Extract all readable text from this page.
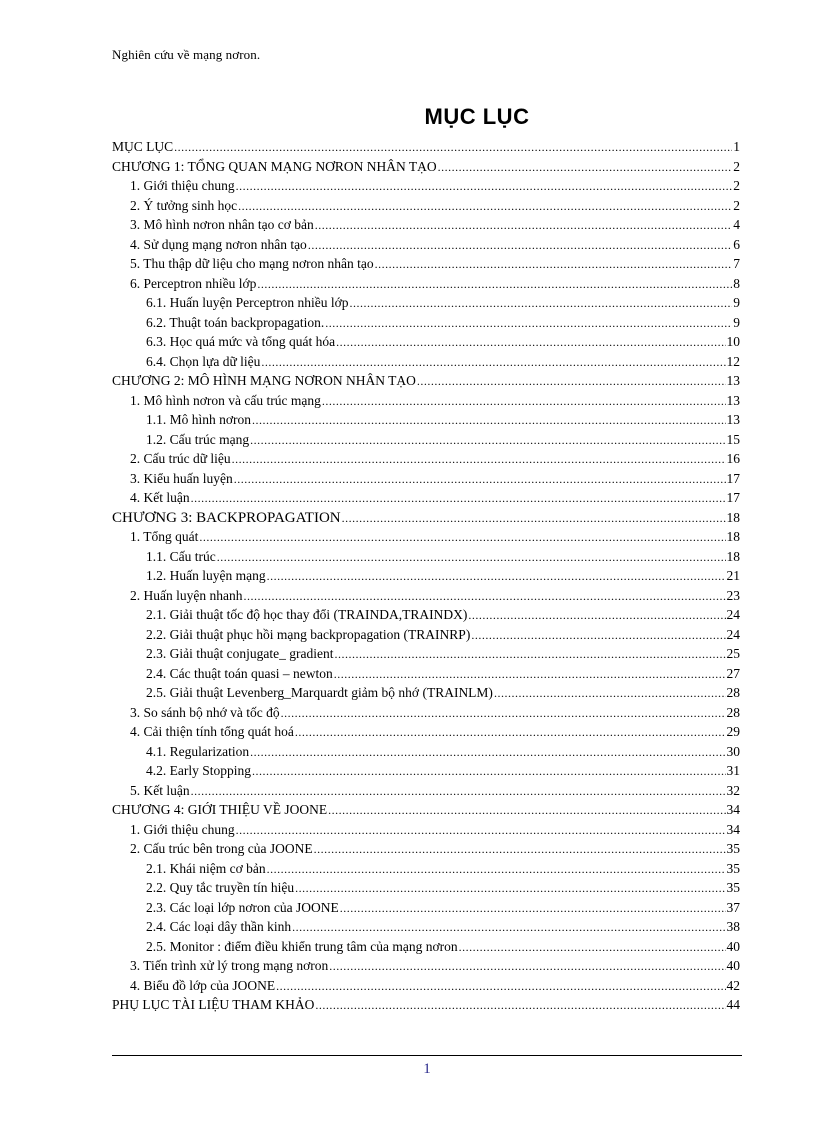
Nghiên cứu về mạng nơron.
MỤC LỤC
MỤC LỤC .....	1
CHƯƠNG 1: TỔNG QUAN MẠNG NƠRON NHÂN TẠO .....	2
1. Giới thiệu chung .....	2
2. Ý tưởng sinh học .....	2
3. Mô hình nơron nhân tạo cơ bản .....	4
4. Sử dụng mạng nơron nhân tạo .....	6
5. Thu thập dữ liệu cho mạng nơron nhân tạo .....	7
6. Perceptron nhiều lớp .....	8
6.1. Huấn luyện Perceptron nhiều lớp .....	9
6.2. Thuật toán backpropagation. .....	9
6.3. Học quá mức và tổng quát hóa .....	10
6.4. Chọn lựa dữ liệu .....	12
CHƯƠNG 2: MÔ HÌNH MẠNG NƠRON NHÂN TẠO .....	13
1. Mô hình nơron và cấu trúc mạng .....	13
1.1. Mô hình nơron .....	13
1.2. Cấu trúc mạng .....	15
2. Cấu trúc dữ liệu .....	16
3. Kiểu huấn luyện .....	17
4. Kết luận .....	17
CHƯƠNG 3: BACKPROPAGATION .....	18
1. Tổng quát .....	18
1.1. Cấu trúc .....	18
1.2. Huấn luyện mạng .....	21
2. Huấn luyện nhanh .....	23
2.1. Giải thuật tốc độ học thay đổi (TRAINDA,TRAINDX) .....	24
2.2. Giải thuật phục hồi mạng backpropagation (TRAINRP) .....	24
2.3. Giải thuật conjugate_ gradient .....	25
2.4. Các thuật toán quasi – newton .....	27
2.5. Giải thuật Levenberg_Marquardt giảm bộ nhớ (TRAINLM) .....	28
3. So sánh bộ nhớ và tốc độ .....	28
4. Cải thiện tính tổng quát hoá .....	29
4.1. Regularization .....	30
4.2. Early Stopping .....	31
5. Kết luận .....	32
CHƯƠNG 4: GIỚI THIỆU VỀ JOONE .....	34
1. Giới thiệu chung .....	34
2. Cấu trúc bên trong của JOONE .....	35
2.1. Khái niệm cơ bản .....	35
2.2. Quy tắc truyền tín hiệu .....	35
2.3. Các loại lớp nơron của JOONE .....	37
2.4. Các loại dây thần kinh .....	38
2.5. Monitor : điểm điều khiển trung tâm của mạng nơron .....	40
3. Tiến trình xử lý trong mạng nơron .....	40
4. Biểu đồ lớp của JOONE .....	42
PHỤ LỤC TÀI LIỆU THAM KHẢO .....	44
1
